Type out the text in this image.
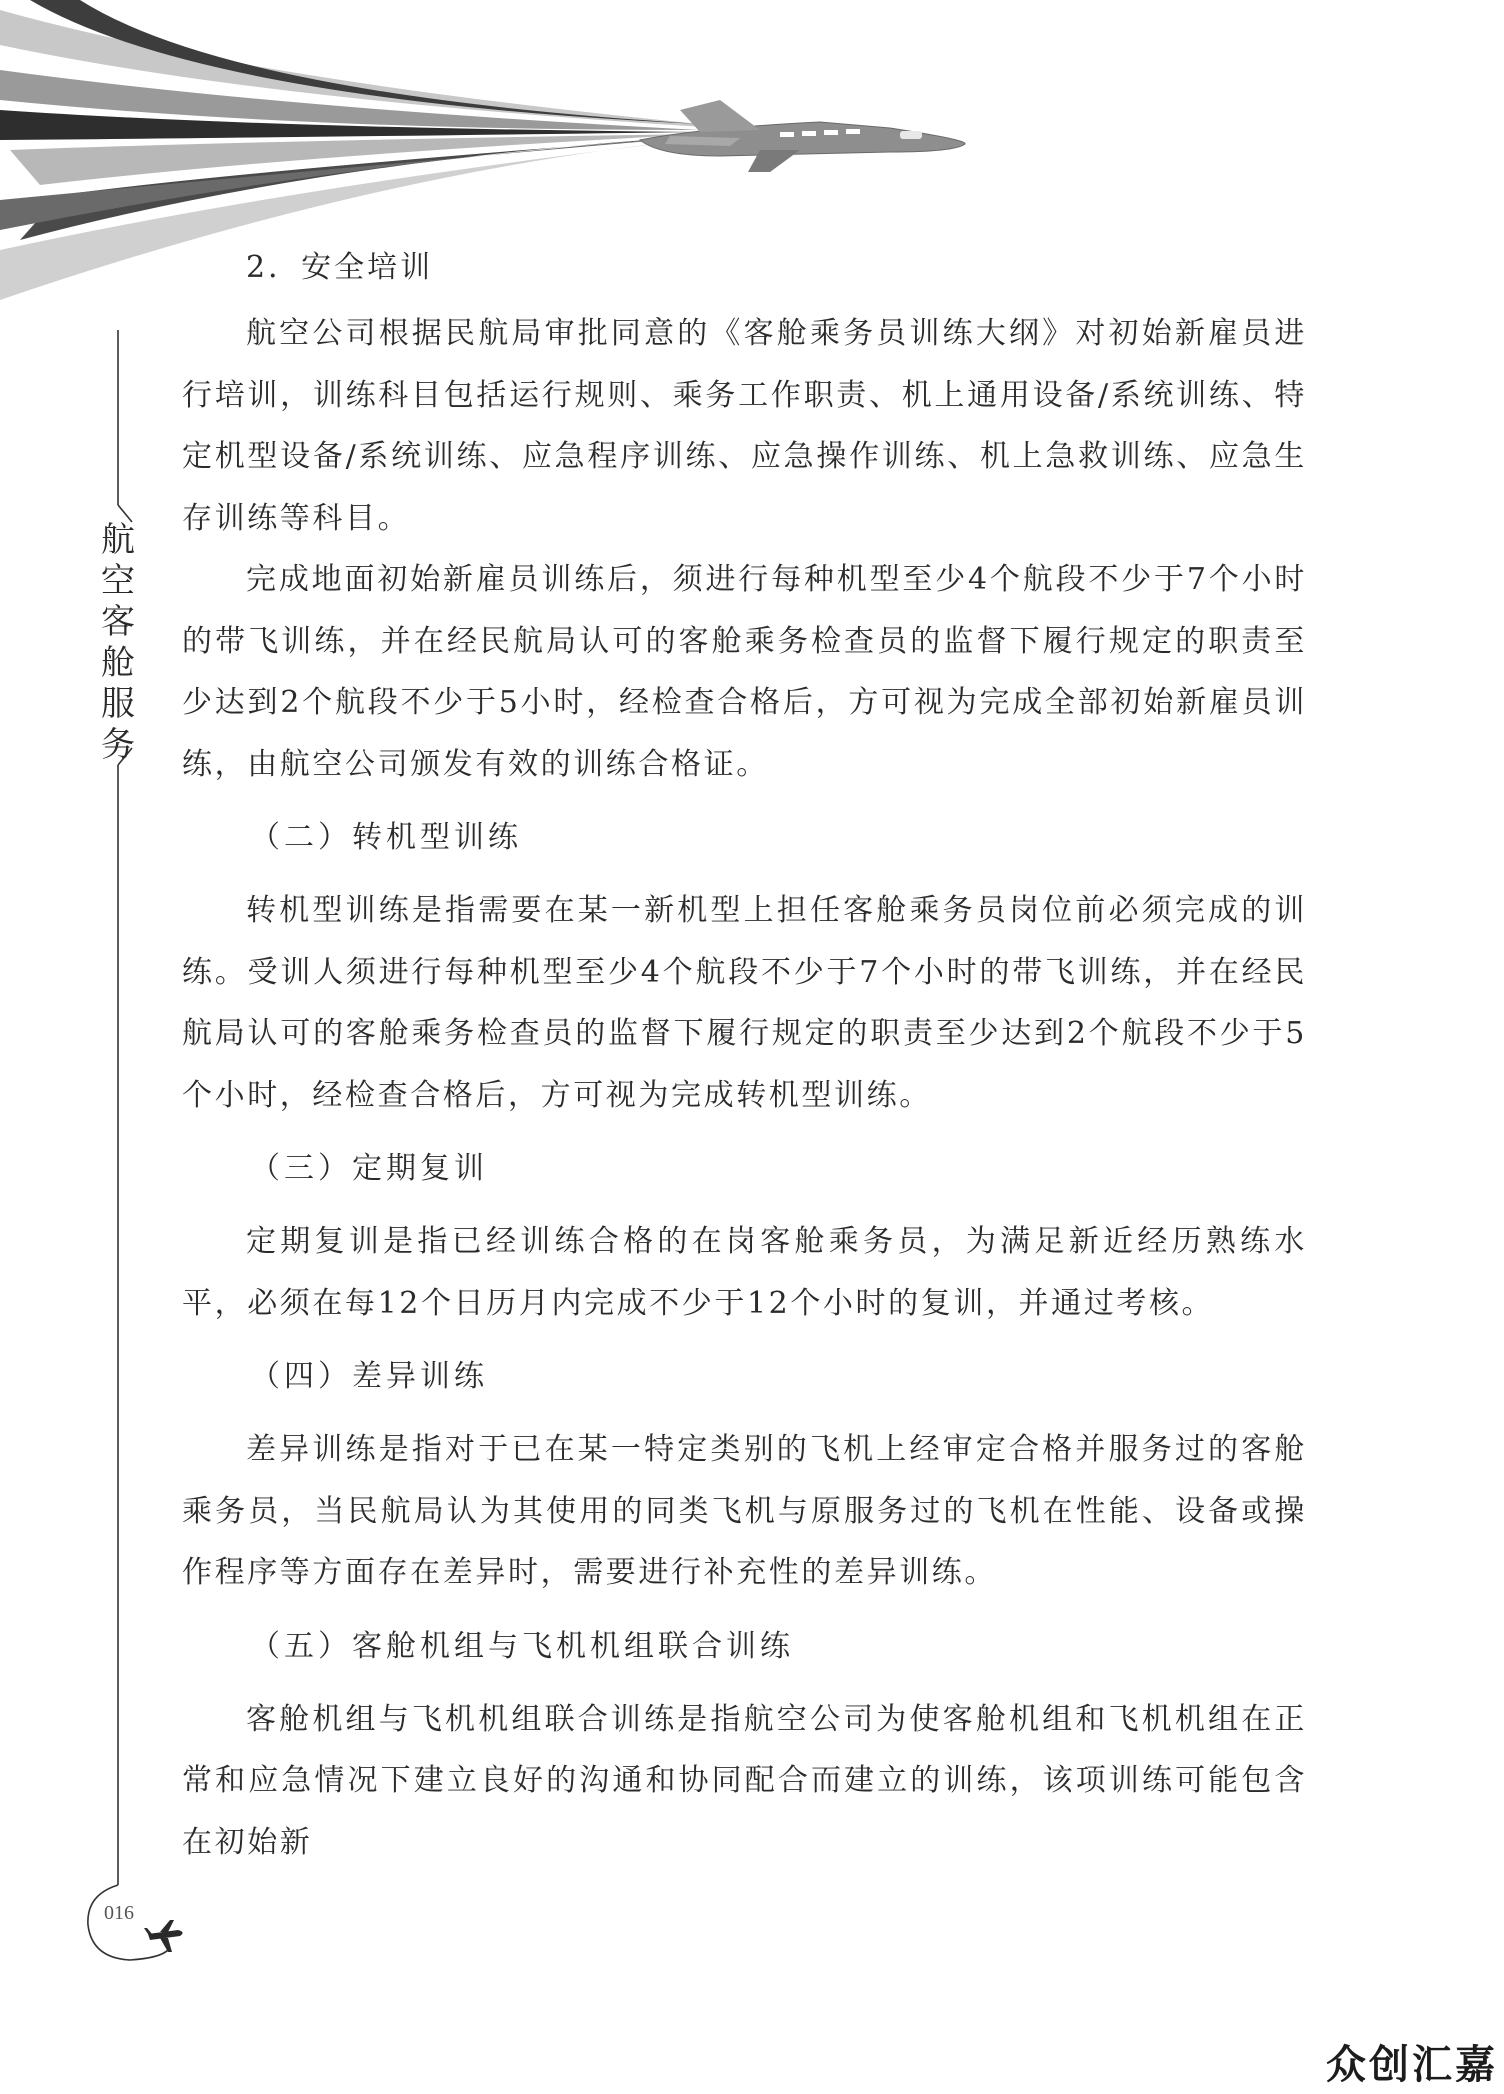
航
空
客
舱
服
务
016
2．安全培训

航空公司根据民航局审批同意的《客舱乘务员训练大纲》对初始新雇员进行培训，训练科目包括运行规则、乘务工作职责、机上通用设备/系统训练、特定机型设备/系统训练、应急程序训练、应急操作训练、机上急救训练、应急生存训练等科目。

完成地面初始新雇员训练后，须进行每种机型至少4个航段不少于7个小时的带飞训练，并在经民航局认可的客舱乘务检查员的监督下履行规定的职责至少达到2个航段不少于5小时，经检查合格后，方可视为完成全部初始新雇员训练，由航空公司颁发有效的训练合格证。

（二）转机型训练

转机型训练是指需要在某一新机型上担任客舱乘务员岗位前必须完成的训练。受训人须进行每种机型至少4个航段不少于7个小时的带飞训练，并在经民航局认可的客舱乘务检查员的监督下履行规定的职责至少达到2个航段不少于5个小时，经检查合格后，方可视为完成转机型训练。

（三）定期复训

定期复训是指已经训练合格的在岗客舱乘务员，为满足新近经历熟练水平，必须在每12个日历月内完成不少于12个小时的复训，并通过考核。

（四）差异训练

差异训练是指对于已在某一特定类别的飞机上经审定合格并服务过的客舱乘务员，当民航局认为其使用的同类飞机与原服务过的飞机在性能、设备或操作程序等方面存在差异时，需要进行补充性的差异训练。

（五）客舱机组与飞机机组联合训练

客舱机组与飞机机组联合训练是指航空公司为使客舱机组和飞机机组在正常和应急情况下建立良好的沟通和协同配合而建立的训练，该项训练可能包含在初始新

众创汇嘉
